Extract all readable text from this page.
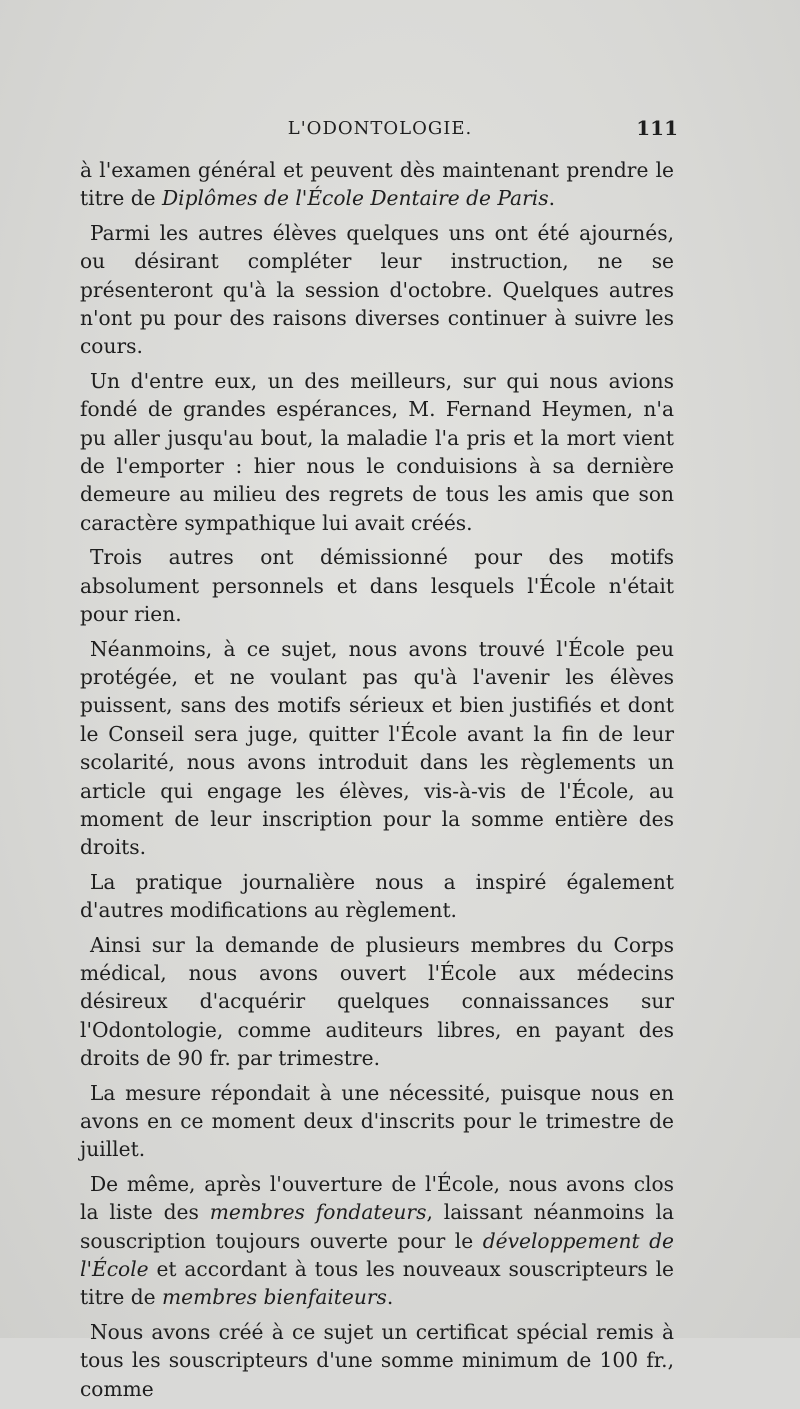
L'ODONTOLOGIE.	111

à l'examen général et peuvent dès maintenant prendre le titre de Diplômes de l'École Dentaire de Paris.

Parmi les autres élèves quelques uns ont été ajournés, ou désirant compléter leur instruction, ne se présenteront qu'à la session d'octobre. Quelques autres n'ont pu pour des raisons diverses continuer à suivre les cours.

Un d'entre eux, un des meilleurs, sur qui nous avions fondé de grandes espérances, M. Fernand Heymen, n'a pu aller jusqu'au bout, la maladie l'a pris et la mort vient de l'emporter : hier nous le conduisions à sa dernière demeure au milieu des regrets de tous les amis que son caractère sympathique lui avait créés.

Trois autres ont démissionné pour des motifs absolument personnels et dans lesquels l'École n'était pour rien.

Néanmoins, à ce sujet, nous avons trouvé l'École peu protégée, et ne voulant pas qu'à l'avenir les élèves puissent, sans des motifs sérieux et bien justifiés et dont le Conseil sera juge, quitter l'École avant la fin de leur scolarité, nous avons introduit dans les règlements un article qui engage les élèves, vis-à-vis de l'École, au moment de leur inscription pour la somme entière des droits.

La pratique journalière nous a inspiré également d'autres modifications au règlement.

Ainsi sur la demande de plusieurs membres du Corps médical, nous avons ouvert l'École aux médecins désireux d'acquérir quelques connaissances sur l'Odontologie, comme auditeurs libres, en payant des droits de 90 fr. par trimestre.

La mesure répondait à une nécessité, puisque nous en avons en ce moment deux d'inscrits pour le trimestre de juillet.

De même, après l'ouverture de l'École, nous avons clos la liste des membres fondateurs, laissant néanmoins la souscription toujours ouverte pour le développement de l'École et accordant à tous les nouveaux souscripteurs le titre de membres bienfaiteurs.

Nous avons créé à ce sujet un certificat spécial remis à tous les souscripteurs d'une somme minimum de 100 fr., comme
